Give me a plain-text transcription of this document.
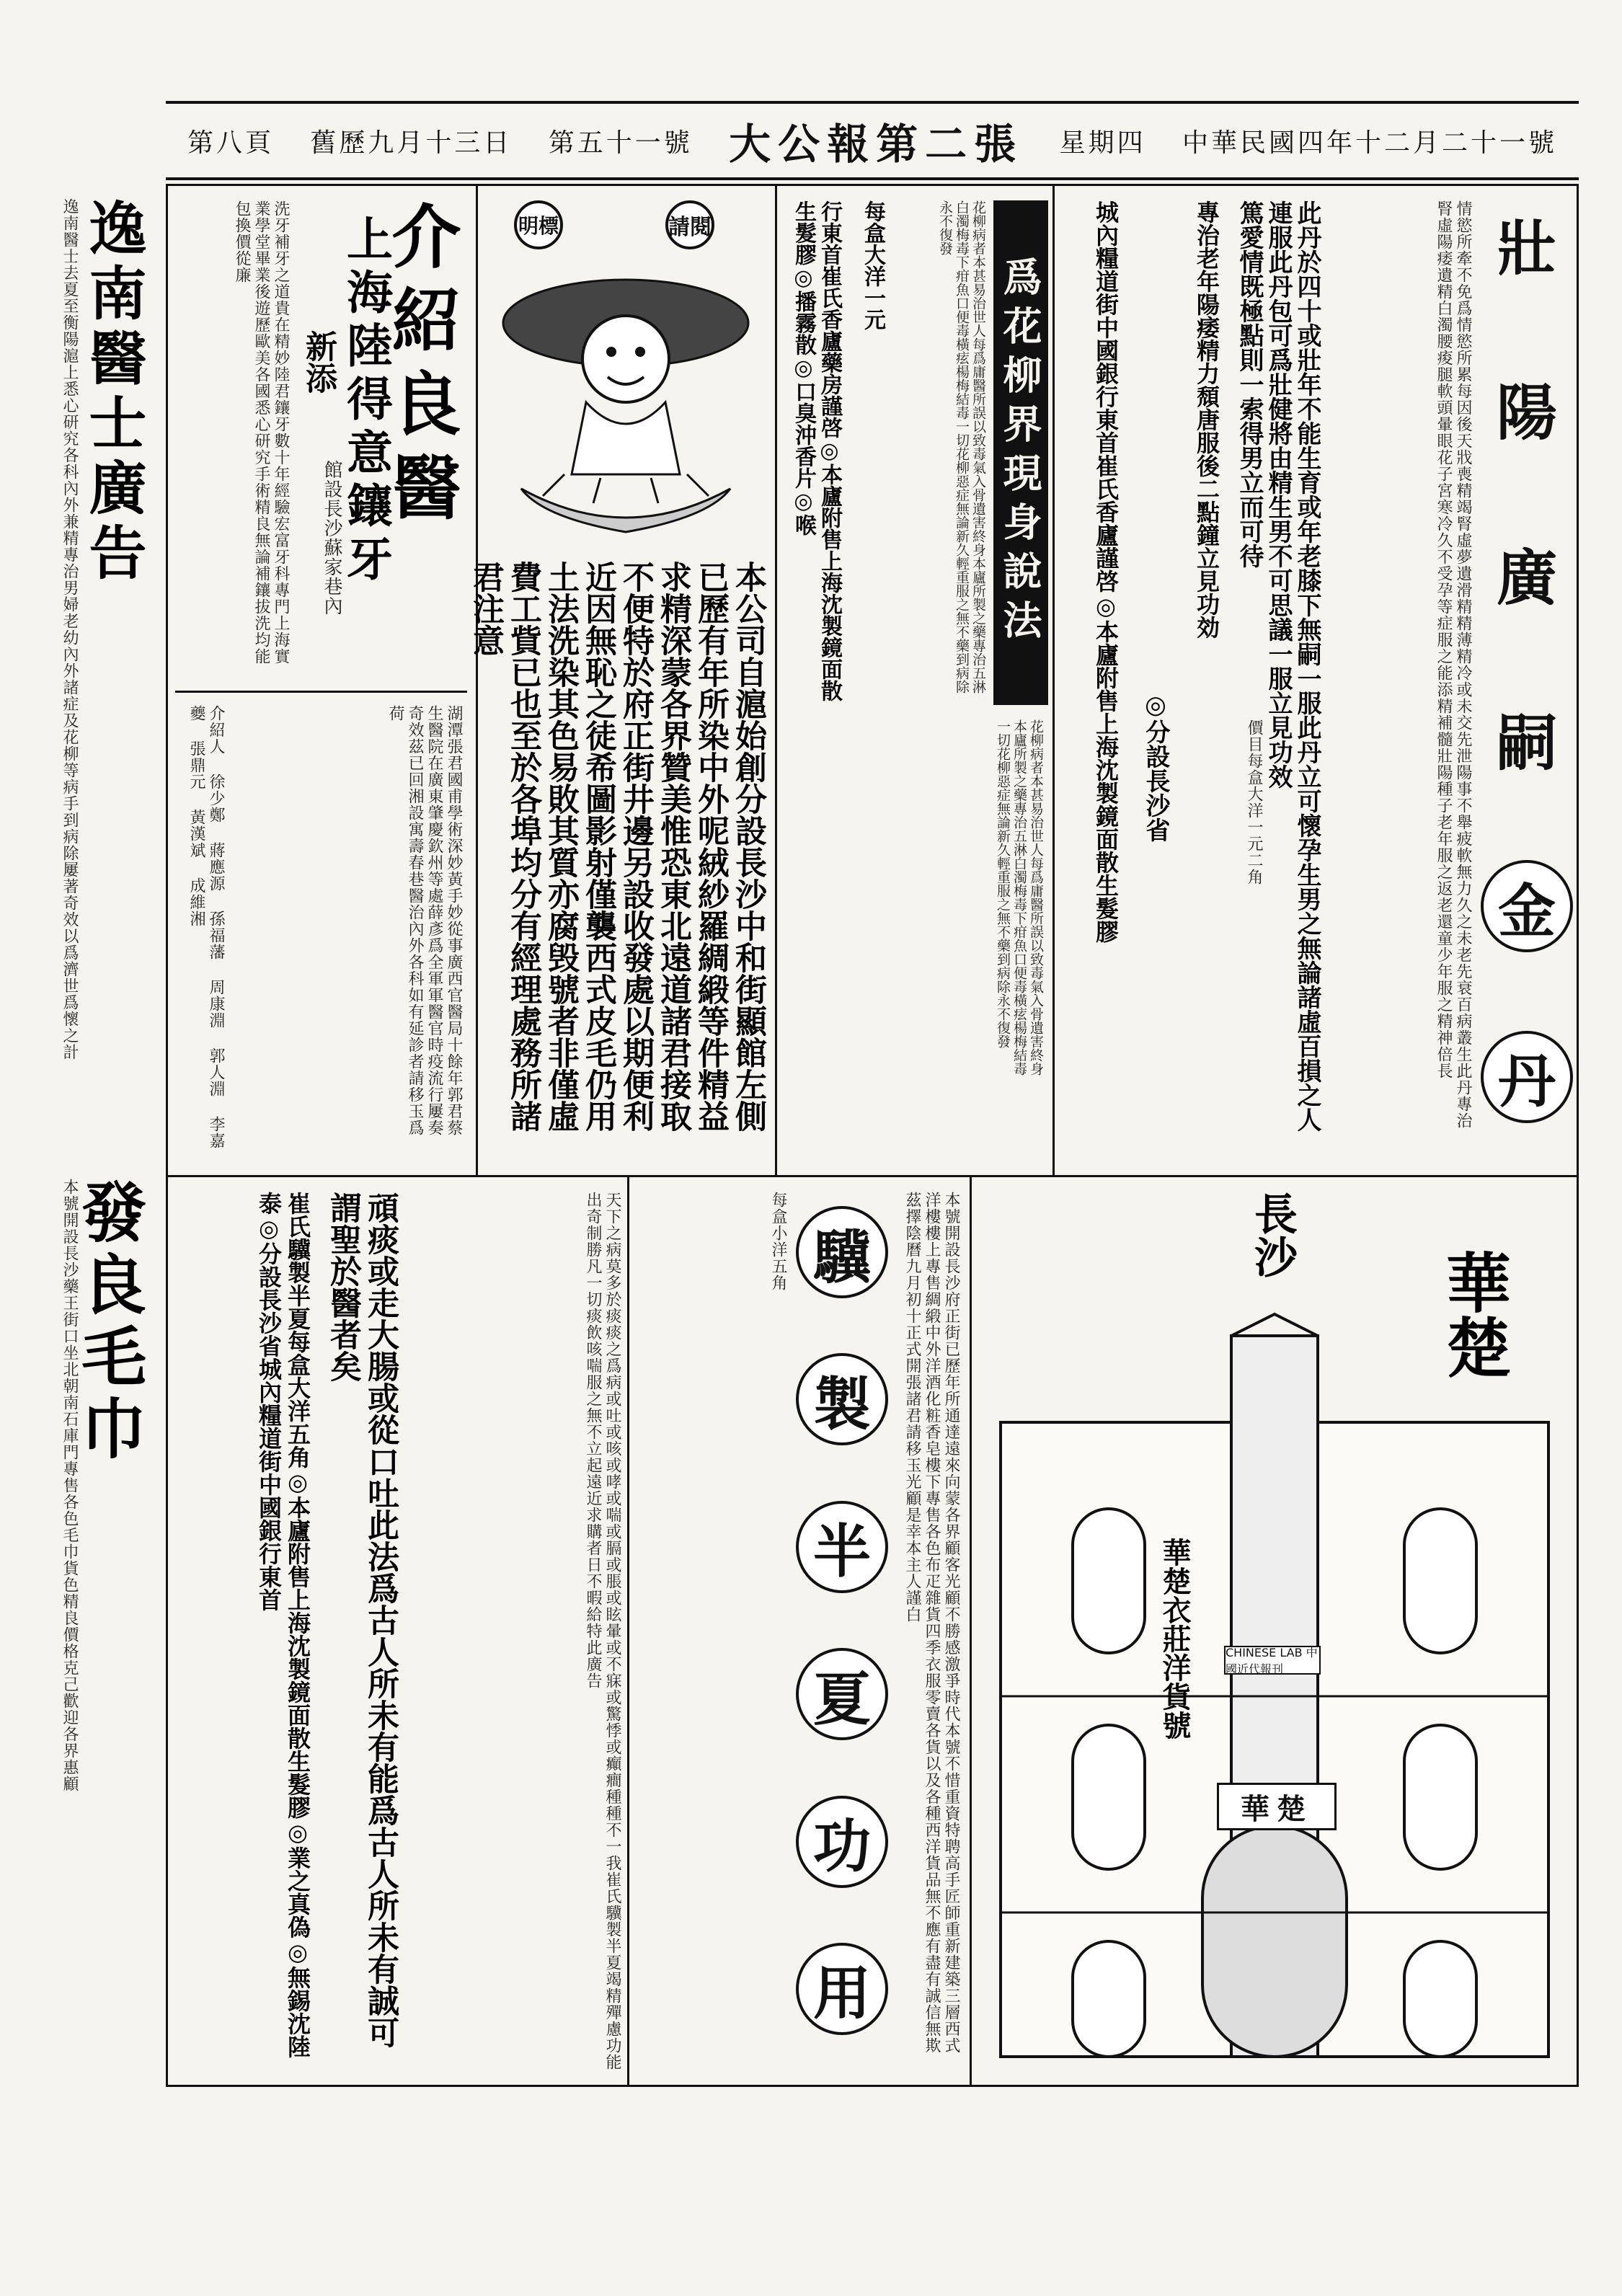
第八頁 舊歷九月十三日 第五十一號 大公報第二張 星期四 中華民國四年十二月二十一號
壯
陽
廣
嗣
金
丹
情慾所牽不免爲情慾所累每因後天戕喪精竭腎虛夢遺滑精精薄精冷或未交先泄陽事不舉疲軟無力久之未老先衰百病叢生此丹專治腎虛陽痿遺精白濁腰痠腿軟頭暈眼花子宮寒冷久不受孕等症服之能添精補髓壯陽種子老年服之返老還童少年服之精神倍長
此丹於四十或壯年不能生育或年老膝下無嗣一服此丹立可懷孕生男之無論諸虛百損之人連服此丹包可爲壯健將由精生男不可思議一服立見功效
篤愛情既極點則一索得男立而可待
價目每盒大洋一元二角
專治老年陽痿精力頹唐服後二點鐘立見功効
◎分設長沙省
城內糧道街中國銀行東首崔氏香廬謹啓◎本廬附售上海沈製鏡面散生髮膠
爲花柳界現身說法
花柳病者本甚易治世人每爲庸醫所誤以致毒氣入骨遺害終身本廬所製之藥專治五淋白濁梅毒下疳魚口便毒橫痃楊梅結毒一切花柳惡症無論新久輕重服之無不藥到病除永不復發
花柳病者本甚易治世人每爲庸醫所誤以致毒氣入骨遺害終身本廬所製之藥專治五淋白濁梅毒下疳魚口便毒橫痃楊梅結毒一切花柳惡症無論新久輕重服之無不藥到病除永不復發
每盒大洋一元
行東首崔氏香廬藥房謹啓◎本廬附售上海沈製鏡面散生髮膠◎播霧散◎口臭沖香片◎喉
請閱
明標
本公司自滬始創分設長沙中和街顯館左側已歷有年所染中外呢絨紗羅綢緞等件精益求精深蒙各界贊美惟恐東北遠道諸君接取不便特於府正街井邊另設收發處以期便利近因無恥之徒希圖影射僅襲西式皮毛仍用土法洗染其色易敗其質亦腐毁號者非僅虛費工貲已也至於各埠均分有經理處務所諸君注意
介紹良醫
上海陸得意鑲牙
新添
館設長沙蘇家巷內
洗牙補牙之道貴在精妙陸君鑲牙數十年經驗宏富牙科專門上海實業學堂畢業後遊歷歐美各國悉心研究手術精良無論補鑲拔洗均能包換價從廉
湖潭張君國甫學術深妙黃手妙從事廣西官醫局十餘年郭君蔡生醫院在廣東肇慶欽州等處薛彥爲全軍軍醫官時疫流行屢奏奇效茲已回湘設寓壽春巷醫治內外各科如有延診者請移玉爲荷
介紹人 徐少鄭 蔣應源 孫福藩 周康淵 郭人淵 李嘉夔 張鼎元 黃漢斌 成維湘
華楚
長沙
CHINESE LAB 中國近代報刊
華楚
華楚衣莊洋貨號
本號開設長沙府正街已歷年所通達遠來向蒙各界顧客光顧不勝感激爭時代本號不惜重資特聘高手匠師重新建築三層西式洋樓樓上專售綢緞中外洋酒化粧香皂樓下專售各色布疋雜貨四季衣服零賣各貨以及各種西洋貨品無不應有盡有誠信無欺茲擇陰曆九月初十正式開張諸君請移玉光顧是幸本主人謹白
驥
製
半
夏
功
用
每盒小洋五角
天下之病莫多於痰痰之爲病或吐或咳或哮或喘或膈或脹或眩暈或不寐或驚悸或癲癎種種不一我崔氏驥製半夏竭精殫慮功能出奇制勝凡一切痰飲咳喘服之無不立起遠近求購者日不暇給特此廣告
頑痰或走大腸或從口吐此法爲古人所未有能爲古人所未有誠可謂聖於醫者矣
崔氏驥製半夏每盒大洋五角◎本廬附售上海沈製鏡面散生髮膠◎業之真偽◎無錫沈陸泰◎分設長沙省城內糧道街中國銀行東首
逸南醫士廣告
逸南醫士去夏至衡陽滬上悉心研究各科內外兼精專治男婦老幼內外諸症及花柳等病手到病除屢著奇效以爲濟世爲懷之計
發良毛巾
本號開設長沙藥王街口坐北朝南石庫門專售各色毛巾貨色精良價格克己歡迎各界惠顧
